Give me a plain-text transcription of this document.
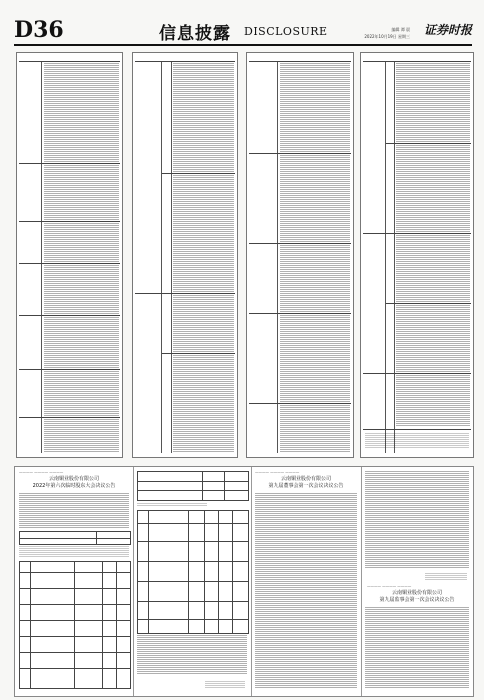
D36	信息披露 DISCLOSURE	编辑 谭 晨
2022年10月19日 星期三 证券时报
———— ———— ————
云南铜业股份有限公司
2022年第六次临时股东大会决议公告
———— ———— ————
云南铜业股份有限公司
第九届董事会第一次会议决议公告
———— ———— ————
云南铜业股份有限公司
第九届监事会第一次会议决议公告
